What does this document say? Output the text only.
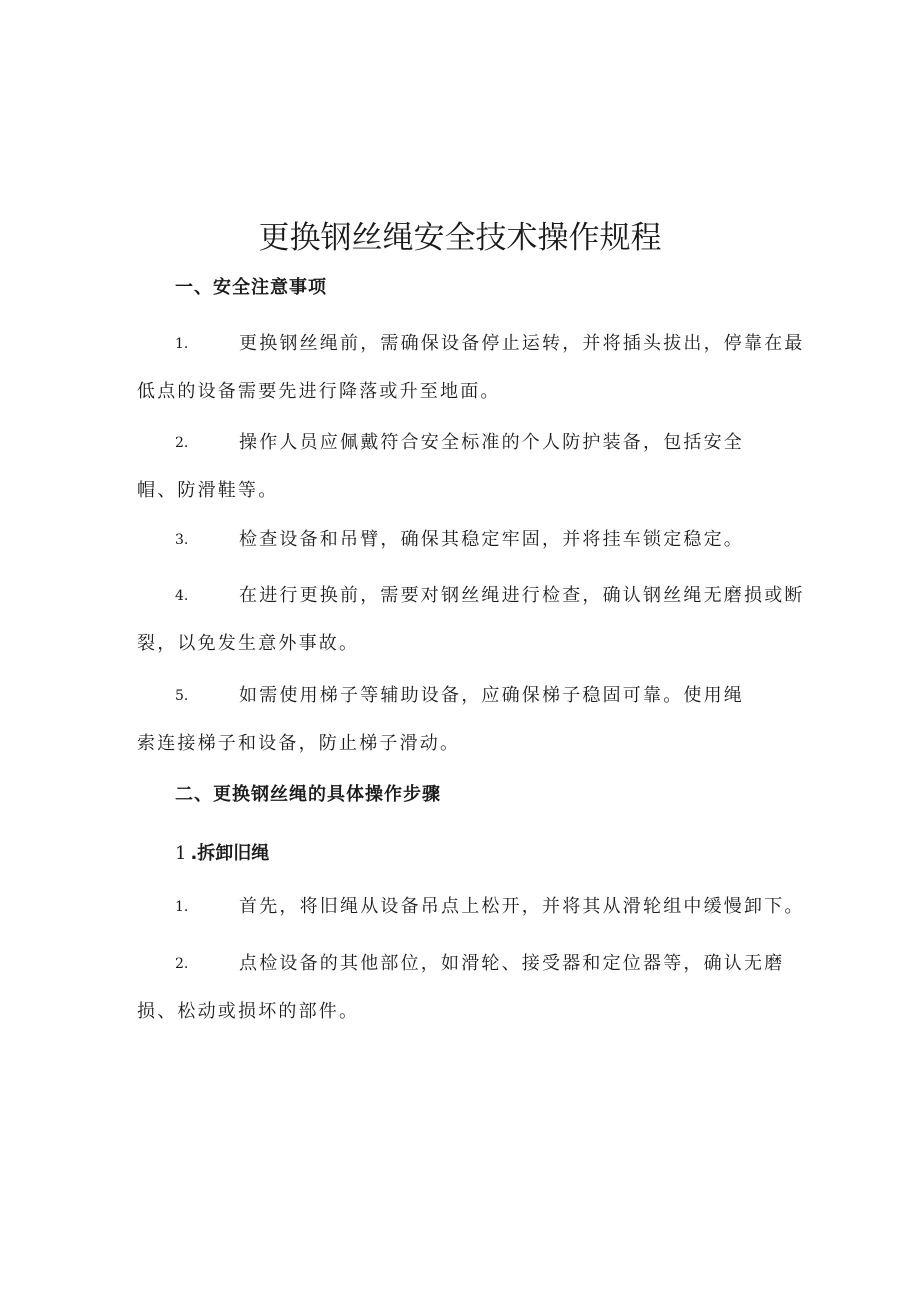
更换钢丝绳安全技术操作规程
一、安全注意事项
1.	更换钢丝绳前，需确保设备停止运转，并将插头拔出，停靠在最
低点的设备需要先进行降落或升至地面。
2.	操作人员应佩戴符合安全标准的个人防护装备，包括安全
帽、防滑鞋等。
3.	检查设备和吊臂，确保其稳定牢固，并将挂车锁定稳定。
4.	在进行更换前，需要对钢丝绳进行检查，确认钢丝绳无磨损或断
裂，以免发生意外事故。
5.	如需使用梯子等辅助设备，应确保梯子稳固可靠。使用绳
索连接梯子和设备，防止梯子滑动。
二、更换钢丝绳的具体操作步骤
1 .拆卸旧绳
1.	首先，将旧绳从设备吊点上松开，并将其从滑轮组中缓慢卸下。
2.	点检设备的其他部位，如滑轮、接受器和定位器等，确认无磨
损、松动或损坏的部件。
